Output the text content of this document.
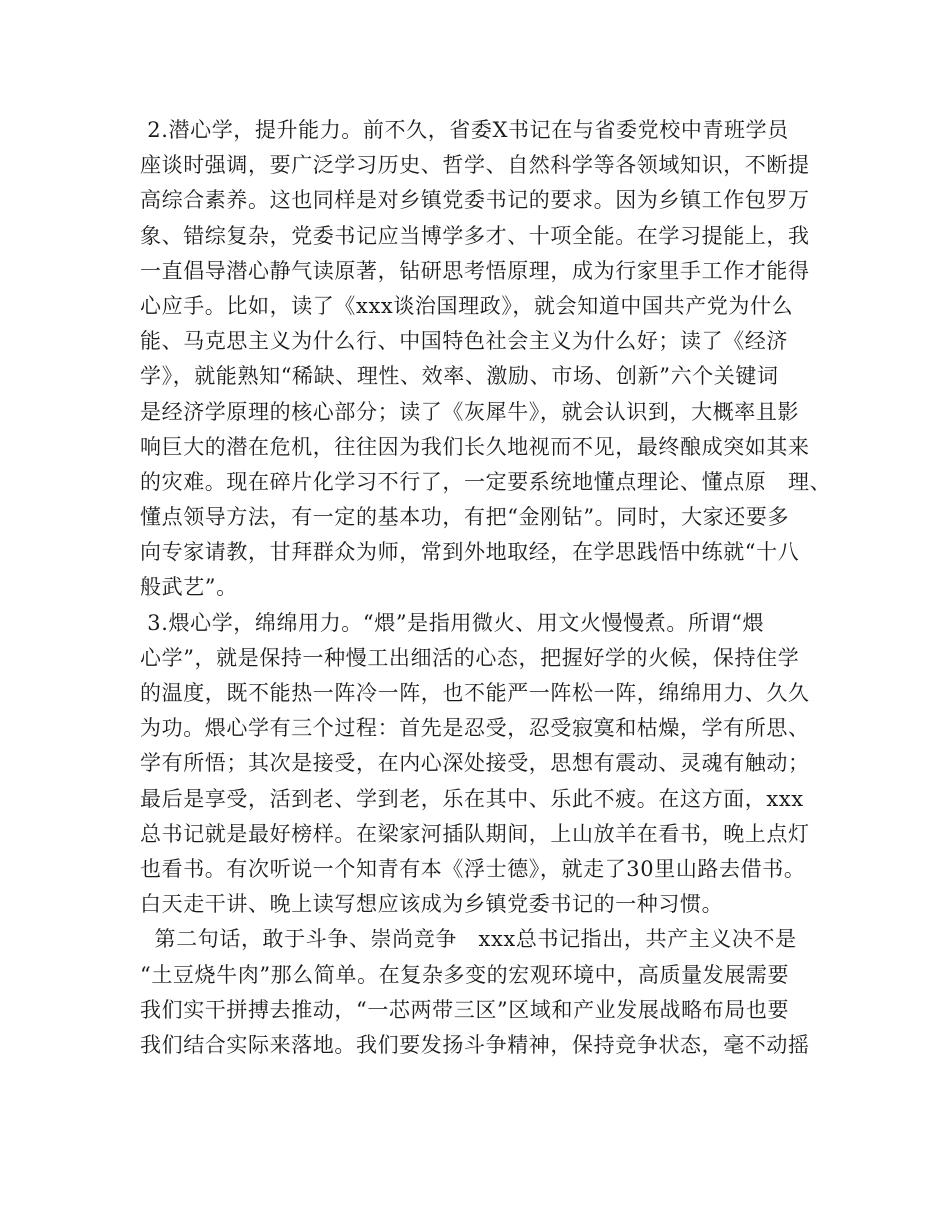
2.潜心学，提升能力。前不久，省委X书记在与省委党校中青班学员
座谈时强调，要广泛学习历史、哲学、自然科学等各领域知识，不断提
高综合素养。这也同样是对乡镇党委书记的要求。因为乡镇工作包罗万
象、错综复杂，党委书记应当博学多才、十项全能。在学习提能上，我
一直倡导潜心静气读原著，钻研思考悟原理，成为行家里手工作才能得
心应手。比如，读了《xxx谈治国理政》，就会知道中国共产党为什么
能、马克思主义为什么行、中国特色社会主义为什么好；读了《经济
学》，就能熟知“稀缺、理性、效率、激励、市场、创新”六个关键词
是经济学原理的核心部分；读了《灰犀牛》，就会认识到，大概率且影
响巨大的潜在危机，往往因为我们长久地视而不见，最终酿成突如其来
的灾难。现在碎片化学习不行了，一定要系统地懂点理论、懂点原　理、
懂点领导方法，有一定的基本功，有把“金刚钻”。同时，大家还要多
向专家请教，甘拜群众为师，常到外地取经，在学思践悟中练就“十八
般武艺”。
3.煨心学，绵绵用力。“煨”是指用微火、用文火慢慢煮。所谓“煨
心学”，就是保持一种慢工出细活的心态，把握好学的火候，保持住学
的温度，既不能热一阵冷一阵，也不能严一阵松一阵，绵绵用力、久久
为功。煨心学有三个过程：首先是忍受，忍受寂寞和枯燥，学有所思、
学有所悟；其次是接受，在内心深处接受，思想有震动、灵魂有触动；
最后是享受，活到老、学到老，乐在其中、乐此不疲。在这方面，xxx
总书记就是最好榜样。在梁家河插队期间，上山放羊在看书，晚上点灯
也看书。有次听说一个知青有本《浮士德》，就走了30里山路去借书。
白天走干讲、晚上读写想应该成为乡镇党委书记的一种习惯。
第二句话，敢于斗争、崇尚竞争　xxx总书记指出，共产主义决不是
“土豆烧牛肉”那么简单。在复杂多变的宏观环境中，高质量发展需要
我们实干拼搏去推动，“一芯两带三区”区域和产业发展战略布局也要
我们结合实际来落地。我们要发扬斗争精神，保持竞争状态，毫不动摇
